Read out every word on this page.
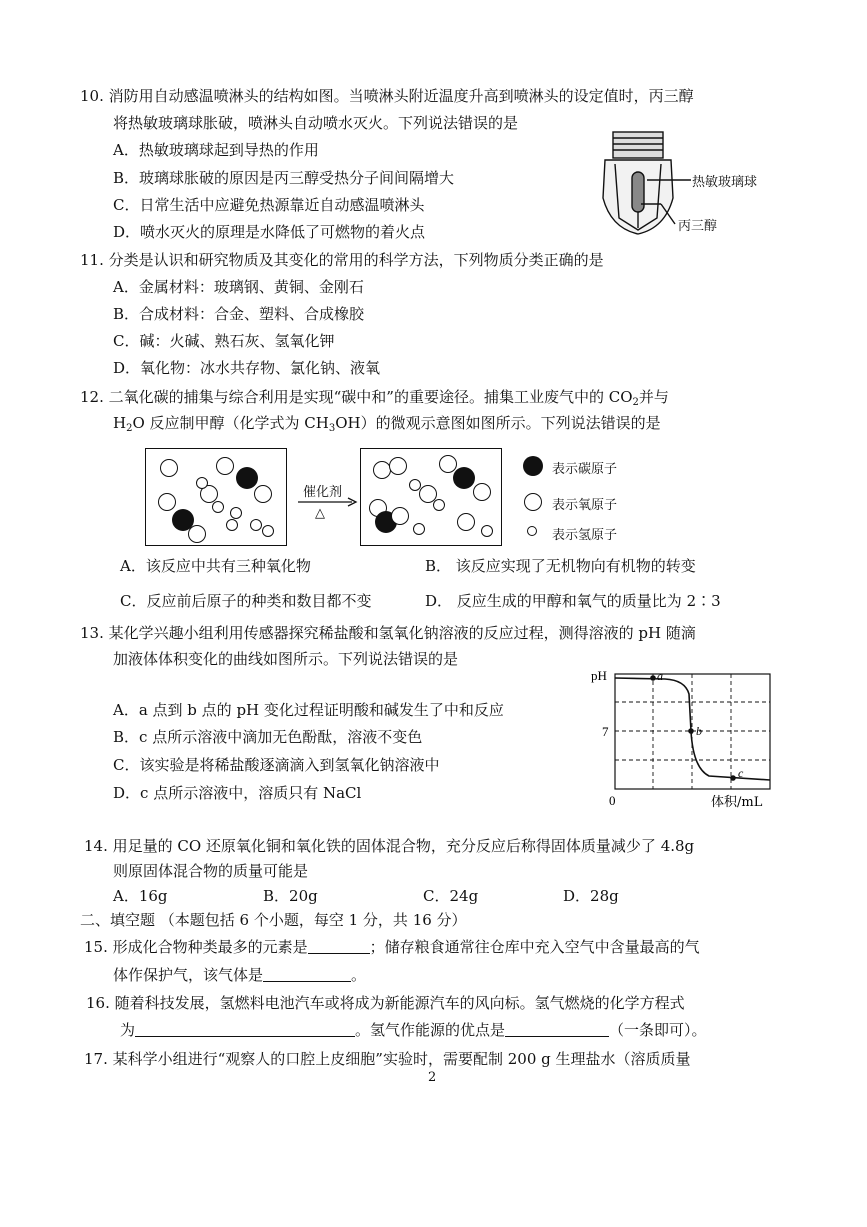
10. 消防用自动感温喷淋头的结构如图。当喷淋头附近温度升高到喷淋头的设定值时，丙三醇
将热敏玻璃球胀破，喷淋头自动喷水灭火。下列说法错误的是
A．热敏玻璃球起到导热的作用
B．玻璃球胀破的原因是丙三醇受热分子间间隔增大
C．日常生活中应避免热源靠近自动感温喷淋头
D．喷水灭火的原理是水降低了可燃物的着火点
热敏玻璃球
丙三醇
11. 分类是认识和研究物质及其变化的常用的科学方法，下列物质分类正确的是
A．金属材料：玻璃钢、黄铜、金刚石
B．合成材料：合金、塑料、合成橡胶
C．碱：火碱、熟石灰、氢氧化钾
D．氧化物：冰水共存物、氯化钠、液氧
12. 二氧化碳的捕集与综合利用是实现“碳中和”的重要途径。捕集工业废气中的 $CO_2$并与
$H_2O$ 反应制甲醇（化学式为 $CH_3OH$）的微观示意图如图所示。下列说法错误的是
催化剂
△
表示碳原子
表示氧原子
表示氢原子
A．该反应中共有三种氧化物	B． 该反应实现了无机物向有机物的转变
C．反应前后原子的种类和数目都不变	D． 反应生成的甲醇和氧气的质量比为 2∶3
13. 某化学兴趣小组利用传感器探究稀盐酸和氢氧化钠溶液的反应过程，测得溶液的 pH 随滴
加液体体积变化的曲线如图所示。下列说法错误的是
A．a 点到 b 点的 pH 变化过程证明酸和碱发生了中和反应
B．c 点所示溶液中滴加无色酚酞，溶液不变色
C．该实验是将稀盐酸逐滴滴入到氢氧化钠溶液中
D．c 点所示溶液中，溶质只有 NaCl
a
b
c
pH
7
0	体积/mL
14. 用足量的 CO 还原氧化铜和氧化铁的固体混合物，充分反应后称得固体质量减少了 4.8g
则原固体混合物的质量可能是
A．16g	B．20g	C．24g	D．28g
二、填空题 （本题包括 6 个小题，每空 1 分，共 16 分）
15. 形成化合物种类最多的元素是	；储存粮食通常往仓库中充入空气中含量最高的气
体作保护气，该气体是	。
16. 随着科技发展，氢燃料电池汽车或将成为新能源汽车的风向标。氢气燃烧的化学方程式
为	。氢气作能源的优点是	（一条即可）。
17. 某科学小组进行“观察人的口腔上皮细胞”实验时，需要配制 200 g 生理盐水（溶质质量
2
